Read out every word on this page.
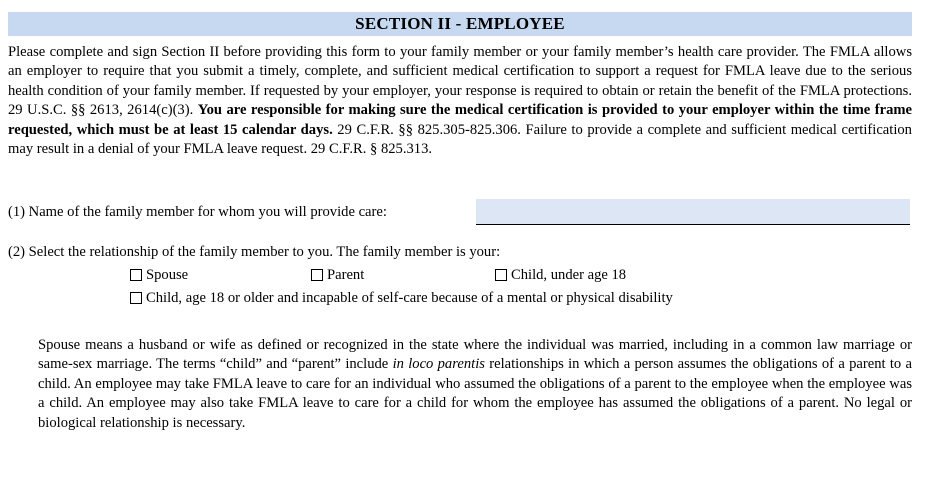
SECTION II - EMPLOYEE
Please complete and sign Section II before providing this form to your family member or your family member’s health care provider. The FMLA allows an employer to require that you submit a timely, complete, and sufficient medical certification to support a request for FMLA leave due to the serious health condition of your family member. If requested by your employer, your response is required to obtain or retain the benefit of the FMLA protections. 29 U.S.C. §§ 2613, 2614(c)(3). You are responsible for making sure the medical certification is provided to your employer within the time frame requested, which must be at least 15 calendar days. 29 C.F.R. §§ 825.305-825.306. Failure to provide a complete and sufficient medical certification may result in a denial of your FMLA leave request. 29 C.F.R. § 825.313.
(1) Name of the family member for whom you will provide care:
(2) Select the relationship of the family member to you. The family member is your:
Spouse	Parent	Child, under age 18
Child, age 18 or older and incapable of self-care because of a mental or physical disability
Spouse means a husband or wife as defined or recognized in the state where the individual was married, including in a common law marriage or same-sex marriage. The terms “child” and “parent” include in loco parentis relationships in which a person assumes the obligations of a parent to a child. An employee may take FMLA leave to care for an individual who assumed the obligations of a parent to the employee when the employee was a child. An employee may also take FMLA leave to care for a child for whom the employee has assumed the obligations of a parent. No legal or biological relationship is necessary.
